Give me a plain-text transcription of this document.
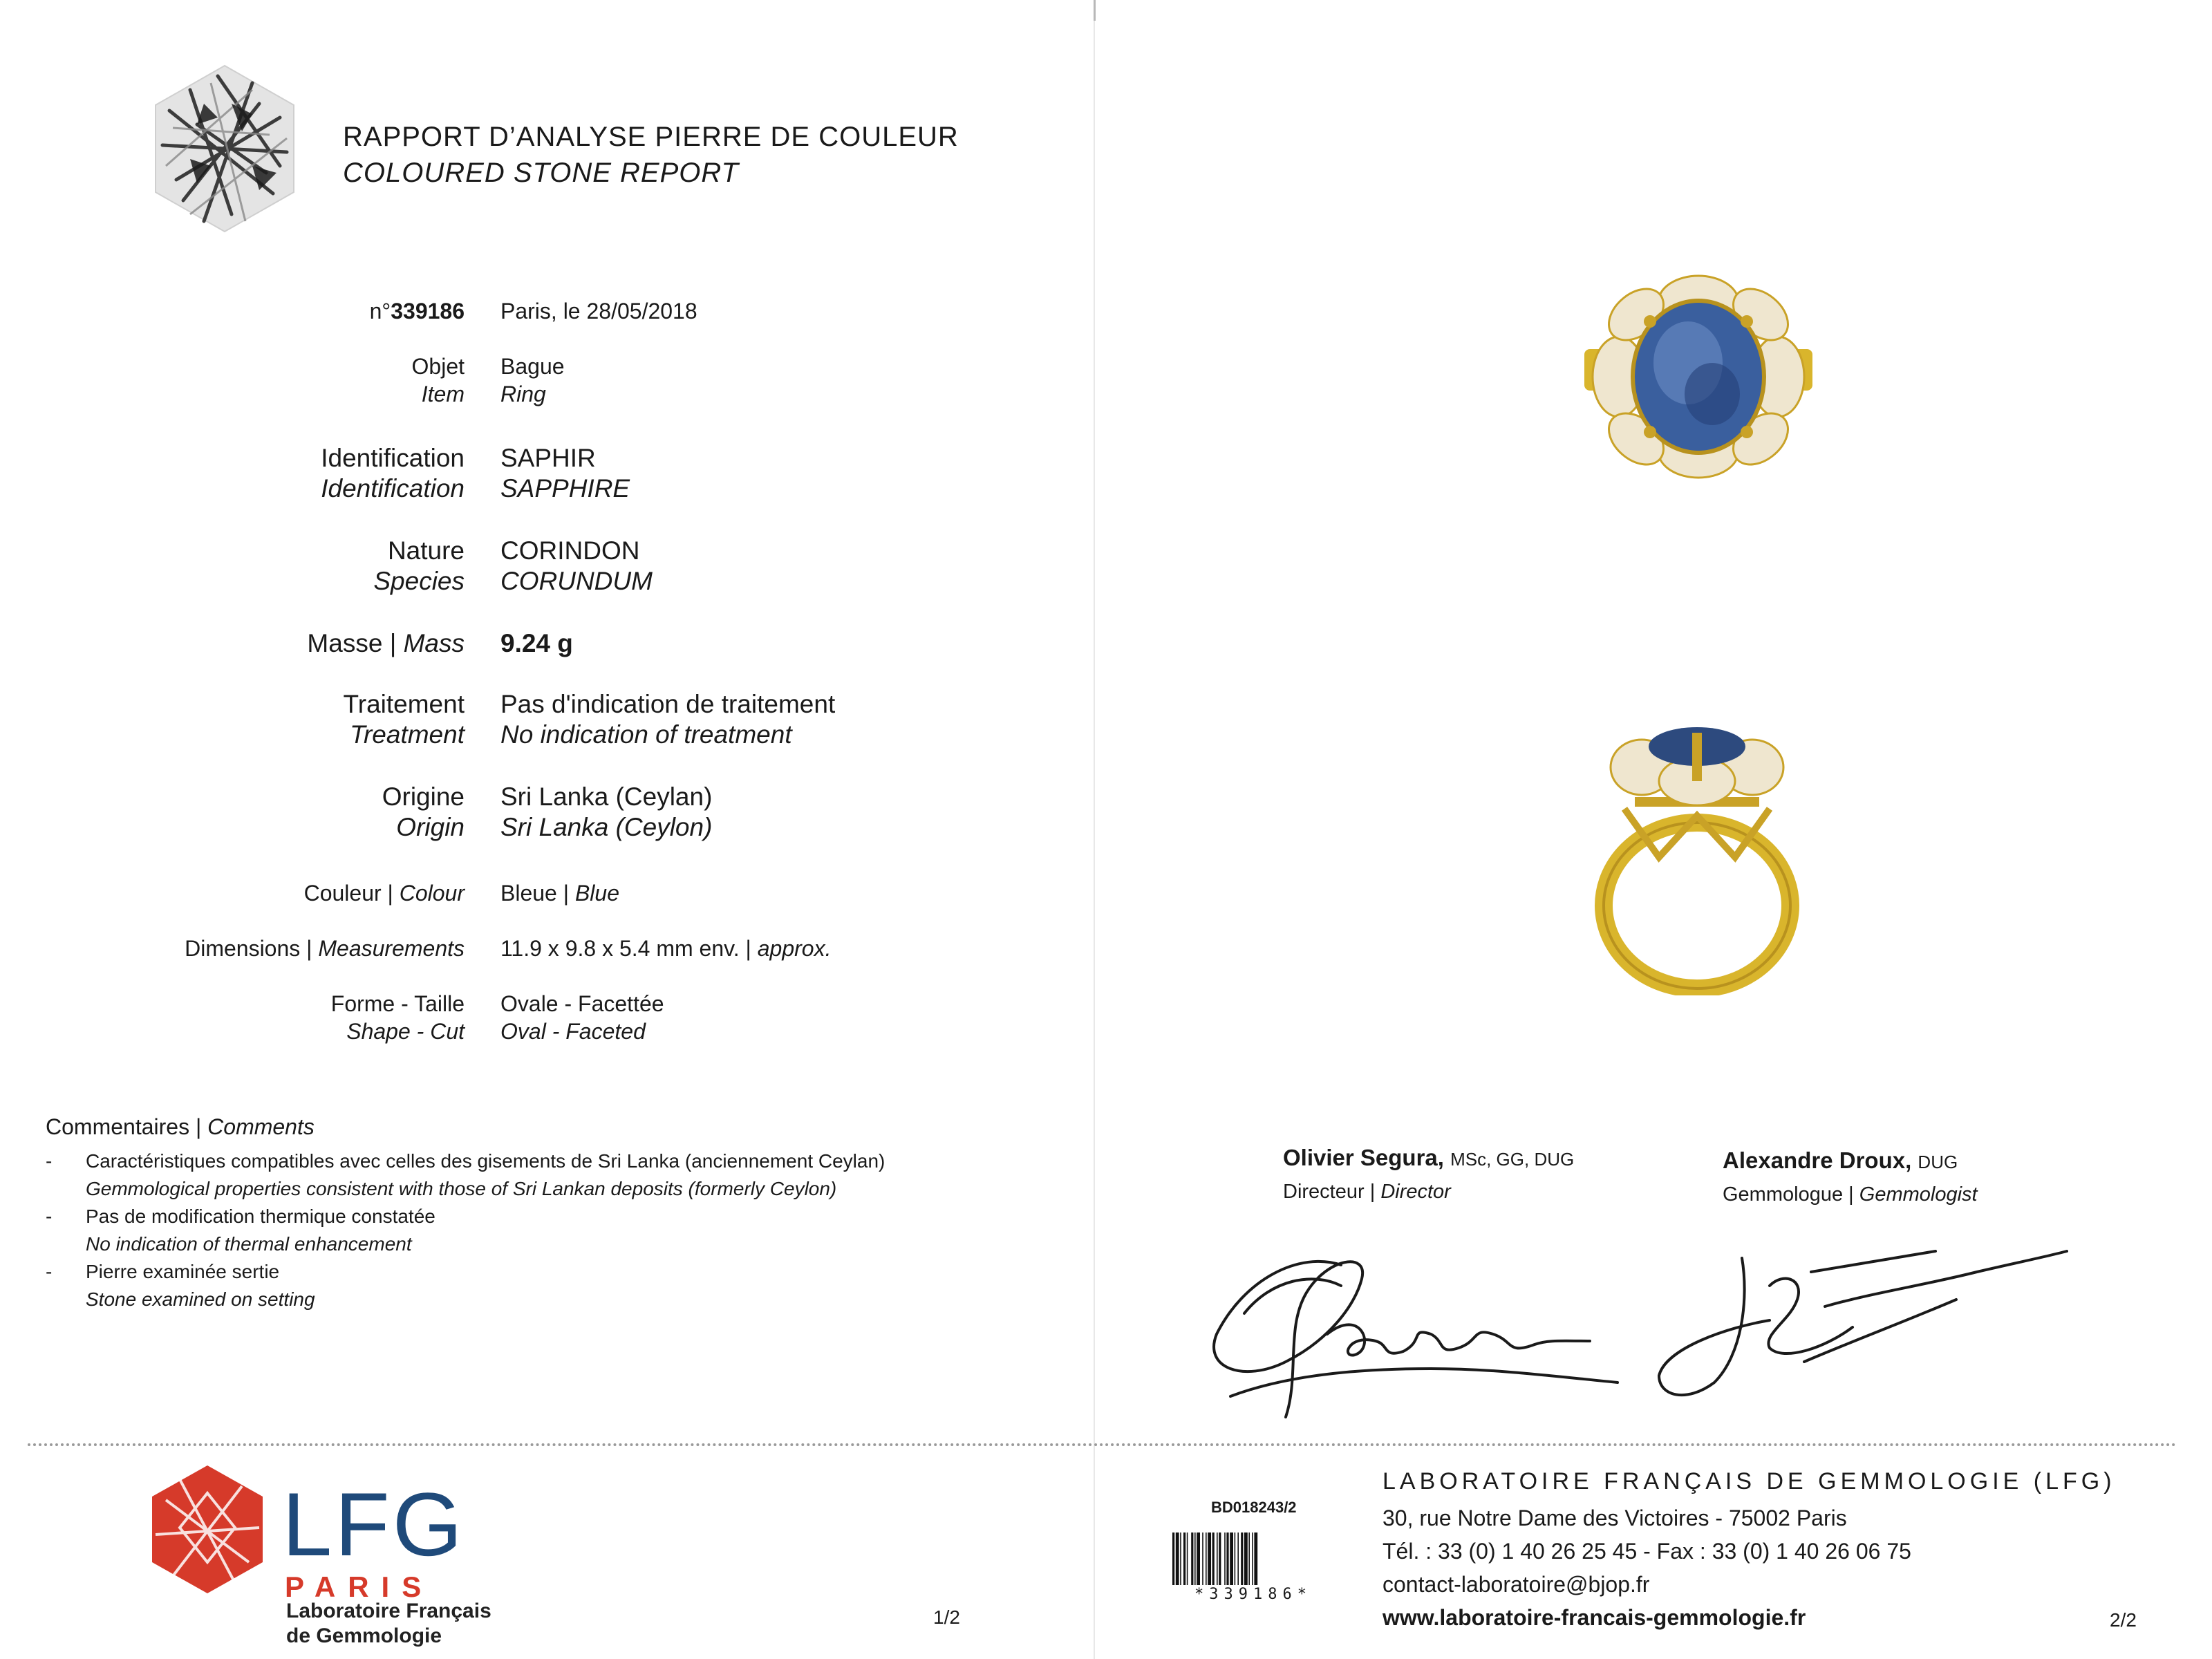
RAPPORT D’ANALYSE PIERRE DE COULEUR
COLOURED STONE REPORT
n°339186 Paris, le 28/05/2018
Objet
Item
Bague
Ring
Identification
Identification
SAPHIR
SAPPHIRE
Nature
Species
CORINDON
CORUNDUM
Masse | Mass 9.24 g
Traitement
Treatment
Pas d'indication de traitement
No indication of treatment
Origine
Origin
Sri Lanka (Ceylan)
Sri Lanka (Ceylon)
Couleur | Colour Bleue | Blue
Dimensions | Measurements 11.9 x 9.8 x 5.4 mm env. | approx.
Forme - Taille
Shape - Cut
Ovale - Facettée
Oval - Faceted
Commentaires | Comments
- Caractéristiques compatibles avec celles des gisements de Sri Lanka (anciennement Ceylan)
Gemmological properties consistent with those of Sri Lankan deposits (formerly Ceylon)
- Pas de modification thermique constatée
No indication of thermal enhancement
- Pierre examinée sertie
Stone examined on setting
Olivier Segura, MSc, GG, DUG
Directeur | Director
Alexandre Droux, DUG
Gemmologue | Gemmologist
LFG
PARIS
Laboratoire Français
de Gemmologie
1/2
BD018243/2
*339186*
LABORATOIRE FRANÇAIS DE GEMMOLOGIE (LFG)
30, rue Notre Dame des Victoires - 75002 Paris
Tél. : 33 (0) 1 40 26 25 45 - Fax : 33 (0) 1 40 26 06 75
contact-laboratoire@bjop.fr
www.laboratoire-francais-gemmologie.fr	2/2
